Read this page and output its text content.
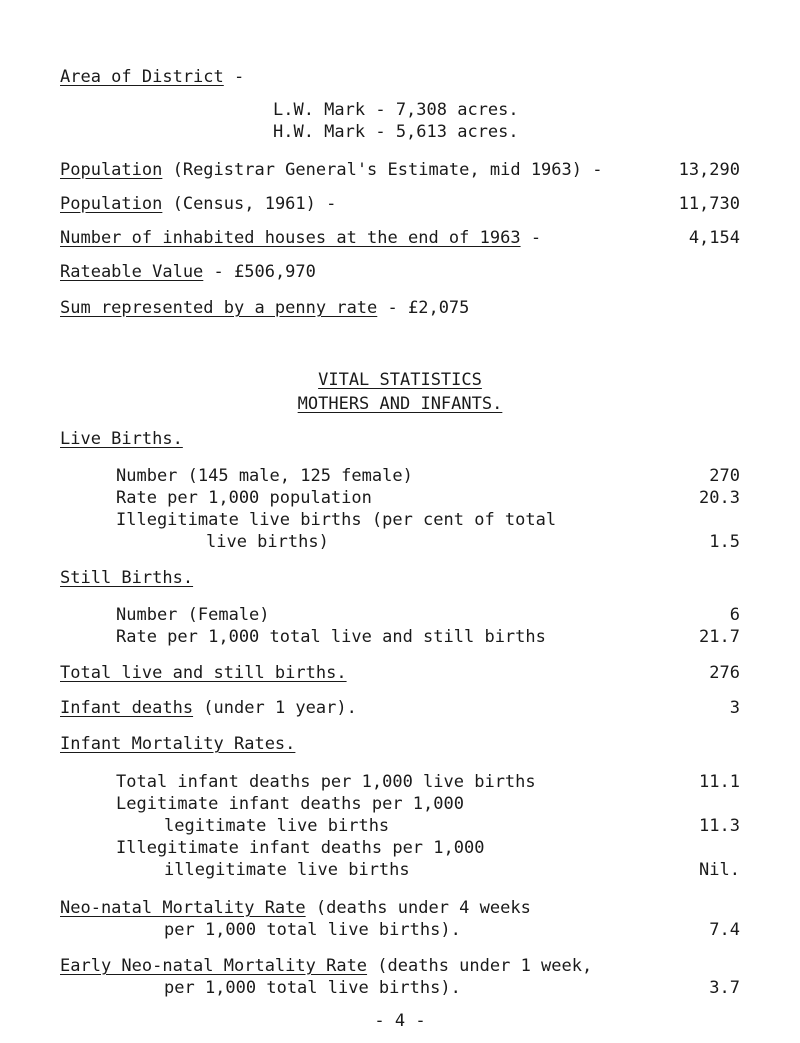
Area of District -
L.W. Mark - 7,308 acres.
H.W. Mark - 5,613 acres.
Population (Registrar General's Estimate, mid 1963) -	13,290
Population (Census, 1961) -	11,730
Number of inhabited houses at the end of 1963 -	4,154
Rateable Value - £506,970
Sum represented by a penny rate - £2,075
VITAL STATISTICS
MOTHERS AND INFANTS.
Live Births.
Number (145 male, 125 female)	270
Rate per 1,000 population	20.3
Illegitimate live births (per cent of total
live births)	1.5
Still Births.
Number (Female)	6
Rate per 1,000 total live and still births	21.7
Total live and still births.	276
Infant deaths (under 1 year).	3
Infant Mortality Rates.
Total infant deaths per 1,000 live births	11.1
Legitimate infant deaths per 1,000
legitimate live births	11.3
Illegitimate infant deaths per 1,000
illegitimate live births	Nil.
Neo-natal Mortality Rate (deaths under 4 weeks
per 1,000 total live births).	7.4
Early Neo-natal Mortality Rate (deaths under 1 week,
per 1,000 total live births).	3.7
- 4 -
